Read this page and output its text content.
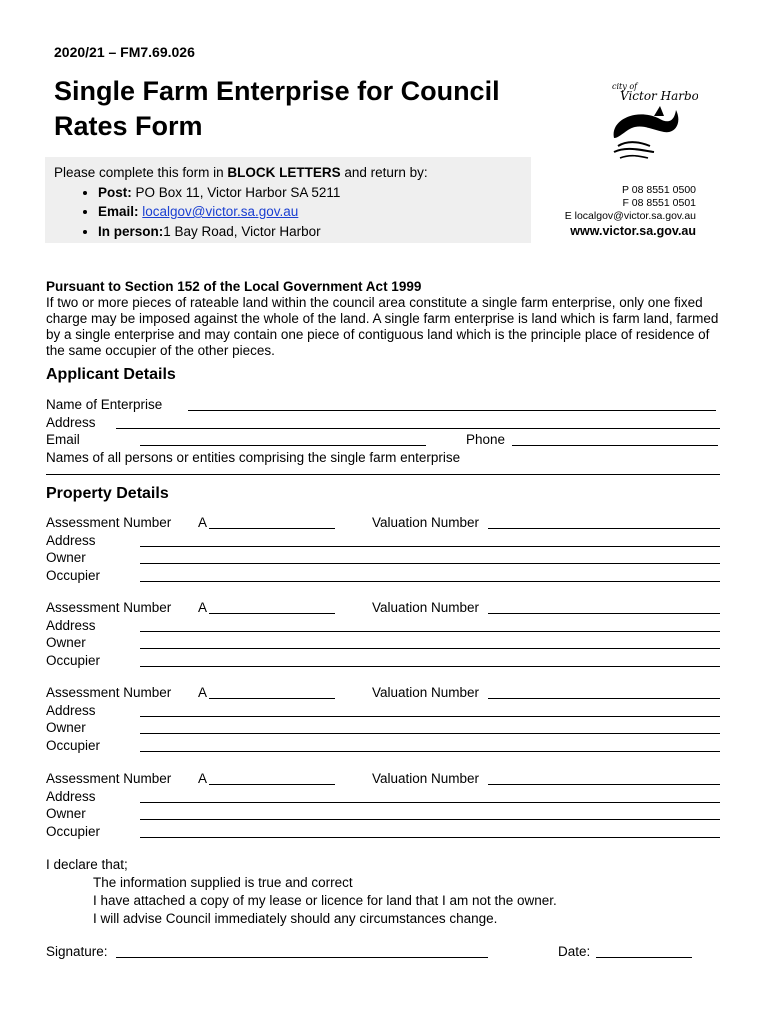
2020/21 – FM7.69.026
Single Farm Enterprise for Council
Rates Form
Please complete this form in BLOCK LETTERS and return by:
• Post: PO Box 11, Victor Harbor SA 5211
• Email: localgov@victor.sa.gov.au
• In person:1 Bay Road, Victor Harbor
city of
Victor Harbor
P 08 8551 0500
F 08 8551 0501
E localgov@victor.sa.gov.au
www.victor.sa.gov.au
Pursuant to Section 152 of the Local Government Act 1999
If two or more pieces of rateable land within the council area constitute a single farm enterprise, only one fixed charge may be imposed against the whole of the land. A single farm enterprise is land which is farm land, farmed by a single enterprise and may contain one piece of contiguous land which is the principle place of residence of the same occupier of the other pieces.
Applicant Details
Name of Enterprise
Address
Email	Phone
Names of all persons or entities comprising the single farm enterprise
Property Details
Assessment Number A	Valuation Number
Address
Owner
Occupier
Assessment Number A	Valuation Number
Address
Owner
Occupier
Assessment Number A	Valuation Number
Address
Owner
Occupier
Assessment Number A	Valuation Number
Address
Owner
Occupier
I declare that;
The information supplied is true and correct
I have attached a copy of my lease or licence for land that I am not the owner.
I will advise Council immediately should any circumstances change.
Signature:	Date:
